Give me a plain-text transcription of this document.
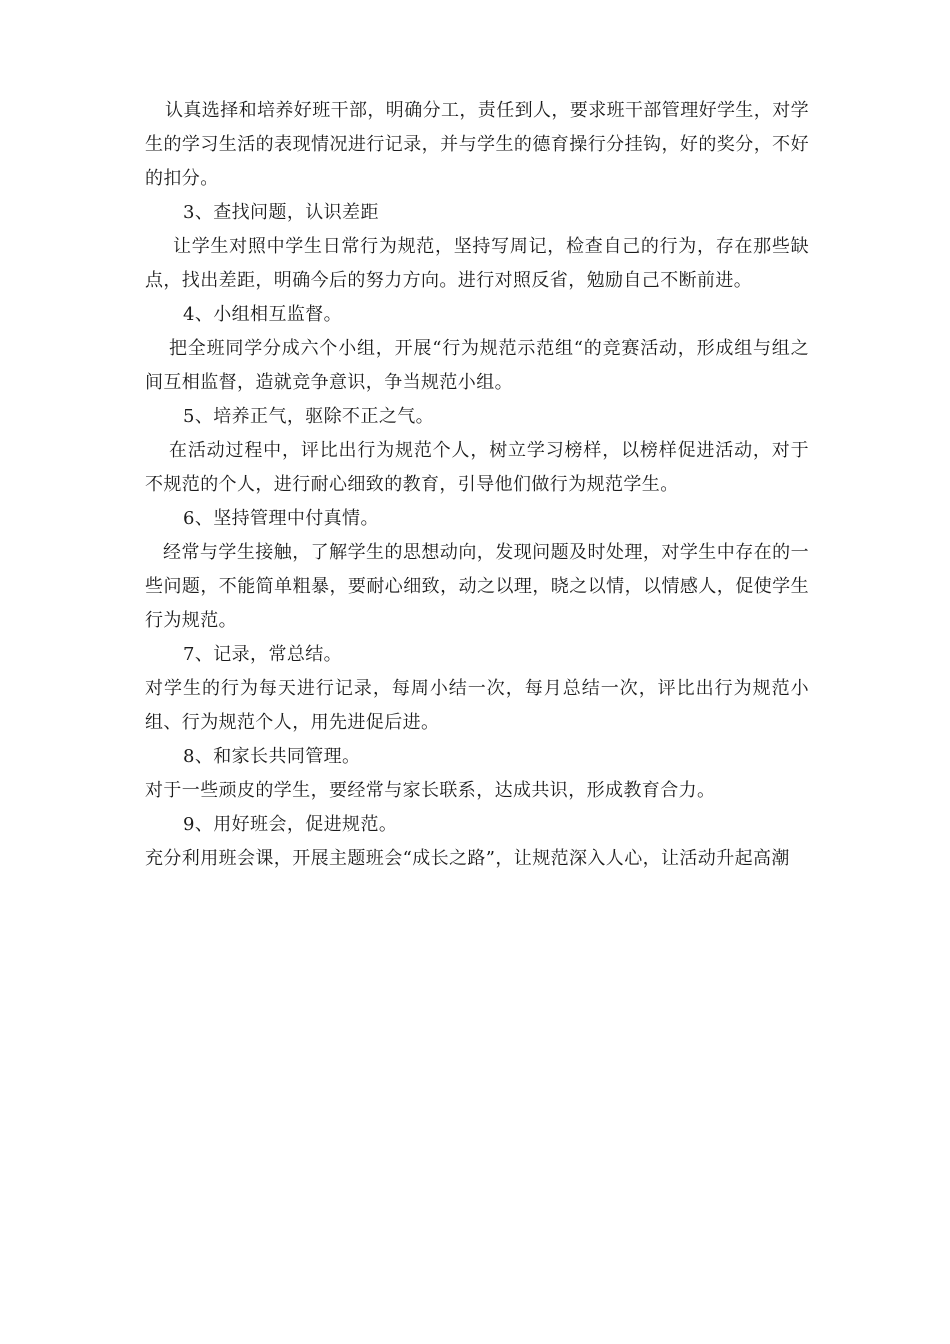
认真选择和培养好班干部，明确分工，责任到人，要求班干部管理好学生，对学生的学习生活的表现情况进行记录，并与学生的德育操行分挂钩，好的奖分，不好的扣分。

3、查找问题，认识差距

让学生对照中学生日常行为规范，坚持写周记，检查自己的行为，存在那些缺点，找出差距，明确今后的努力方向。进行对照反省，勉励自己不断前进。

4、小组相互监督。

把全班同学分成六个小组，开展“行为规范示范组“的竞赛活动，形成组与组之间互相监督，造就竞争意识，争当规范小组。

5、培养正气，驱除不正之气。

在活动过程中，评比出行为规范个人，树立学习榜样，以榜样促进活动，对于不规范的个人，进行耐心细致的教育，引导他们做行为规范学生。

6、坚持管理中付真情。

经常与学生接触，了解学生的思想动向，发现问题及时处理，对学生中存在的一些问题，不能简单粗暴，要耐心细致，动之以理，晓之以情，以情感人，促使学生行为规范。

7、记录，常总结。

对学生的行为每天进行记录，每周小结一次，每月总结一次，评比出行为规范小组、行为规范个人，用先进促后进。

8、和家长共同管理。

对于一些顽皮的学生，要经常与家长联系，达成共识，形成教育合力。

9、用好班会，促进规范。

充分利用班会课，开展主题班会“成长之路”，让规范深入人心，让活动升起高潮
